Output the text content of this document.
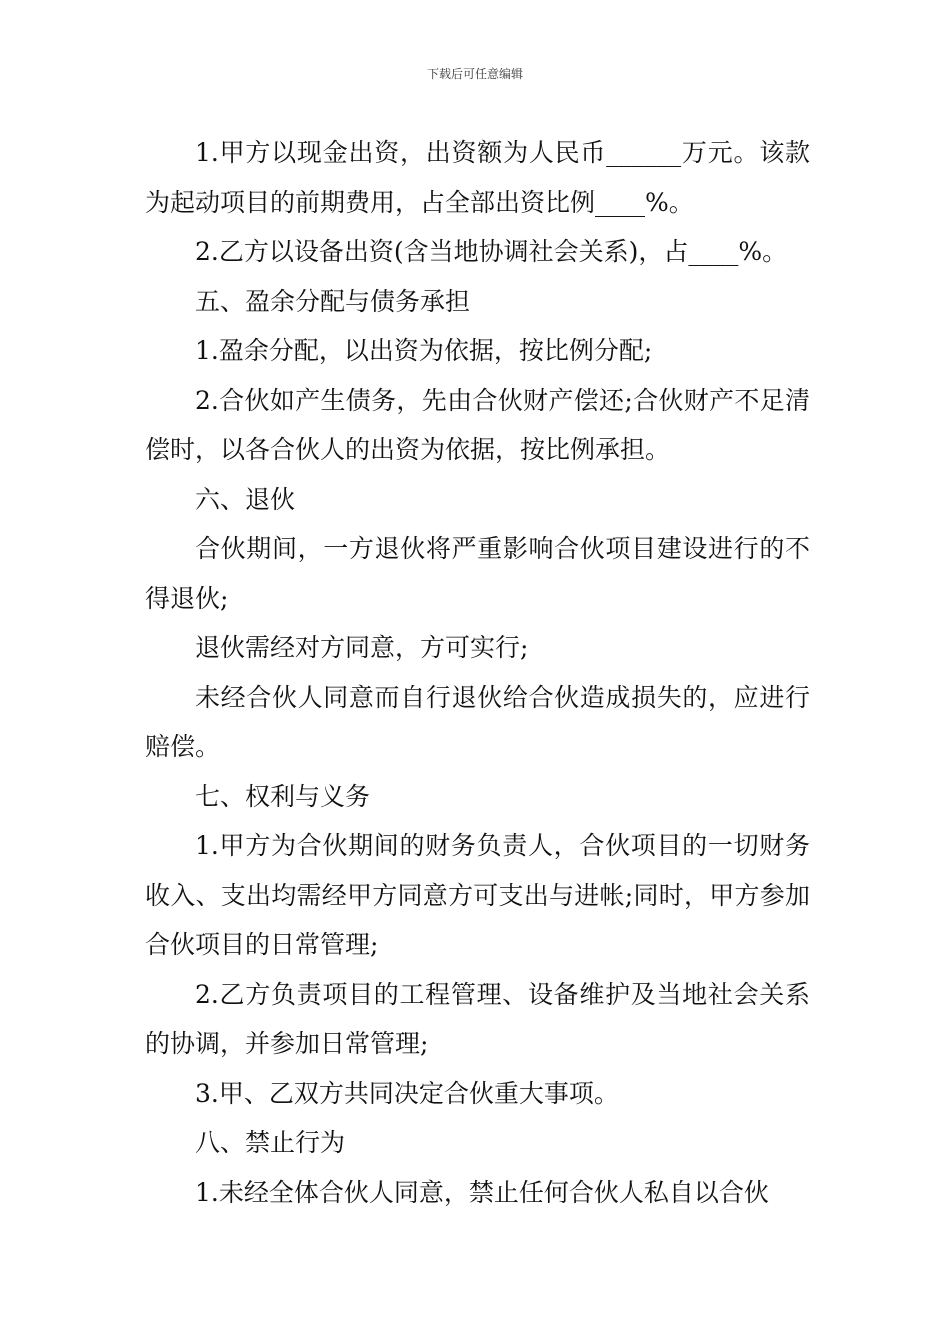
下载后可任意编辑

1.甲方以现金出资，出资额为人民币______万元。该款为起动项目的前期费用，占全部出资比例____%。

2.乙方以设备出资(含当地协调社会关系)，占____%。

五、盈余分配与债务承担

1.盈余分配，以出资为依据，按比例分配;

2.合伙如产生债务，先由合伙财产偿还;合伙财产不足清偿时，以各合伙人的出资为依据，按比例承担。

六、退伙

合伙期间，一方退伙将严重影响合伙项目建设进行的不得退伙;

退伙需经对方同意，方可实行;

未经合伙人同意而自行退伙给合伙造成损失的，应进行赔偿。

七、权利与义务

1.甲方为合伙期间的财务负责人，合伙项目的一切财务收入、支出均需经甲方同意方可支出与进帐;同时，甲方参加合伙项目的日常管理;

2.乙方负责项目的工程管理、设备维护及当地社会关系的协调，并参加日常管理;

3.甲、乙双方共同决定合伙重大事项。

八、禁止行为

1.未经全体合伙人同意，禁止任何合伙人私自以合伙
